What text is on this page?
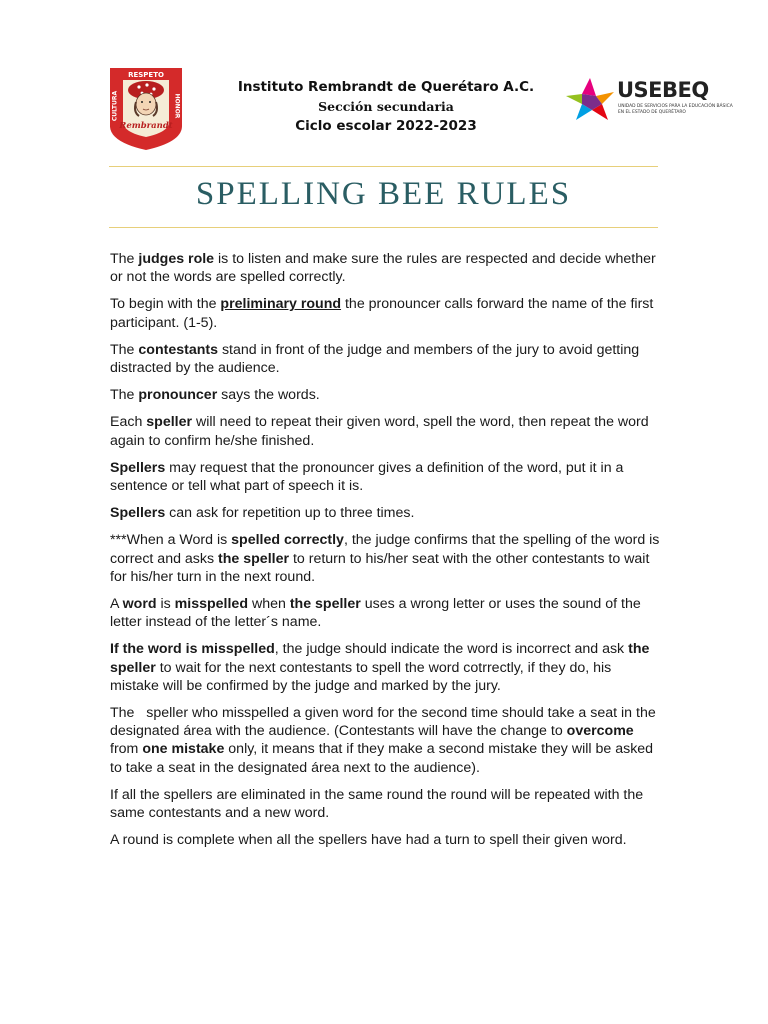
RESPETO
CULTURA	HONOR
Rembrandt
Instituto Rembrandt de Querétaro A.C.
Sección secundaria
Ciclo escolar 2022-2023
USEBEQ
UNIDAD DE SERVICIOS PARA LA EDUCACIÓN BÁSICA EN EL ESTADO DE QUERÉTARO
SPELLING BEE RULES

The judges role is to listen and make sure the rules are respected and decide whether or not the words are spelled correctly.

To begin with the preliminary round the pronouncer calls forward the name of the first participant. (1-5).

The contestants stand in front of the judge and members of the jury to avoid getting distracted by the audience.

The pronouncer says the words.

Each speller will need to repeat their given word, spell the word, then repeat the word again to confirm he/she finished.

Spellers may request that the pronouncer gives a definition of the word, put it in a sentence or tell what part of speech it is.

Spellers can ask for repetition up to three times.

***When a Word is spelled correctly, the judge confirms that the spelling of the word is correct and asks the speller to return to his/her seat with the other contestants to wait for his/her turn in the next round.

A word is misspelled when the speller uses a wrong letter or uses the sound of the letter instead of the letter´s name.

If the word is misspelled, the judge should indicate the word is incorrect and ask the speller to wait for the next contestants to spell the word cotrrectly, if they do, his mistake will be confirmed by the judge and marked by the jury.

The   speller who misspelled a given word for the second time should take a seat in the designated área with the audience. (Contestants will have the change to overcome from one mistake only, it means that if they make a second mistake they will be asked to take a seat in the designated área next to the audience).

If all the spellers are eliminated in the same round the round will be repeated with the same contestants and a new word.

A round is complete when all the spellers have had a turn to spell their given word.
